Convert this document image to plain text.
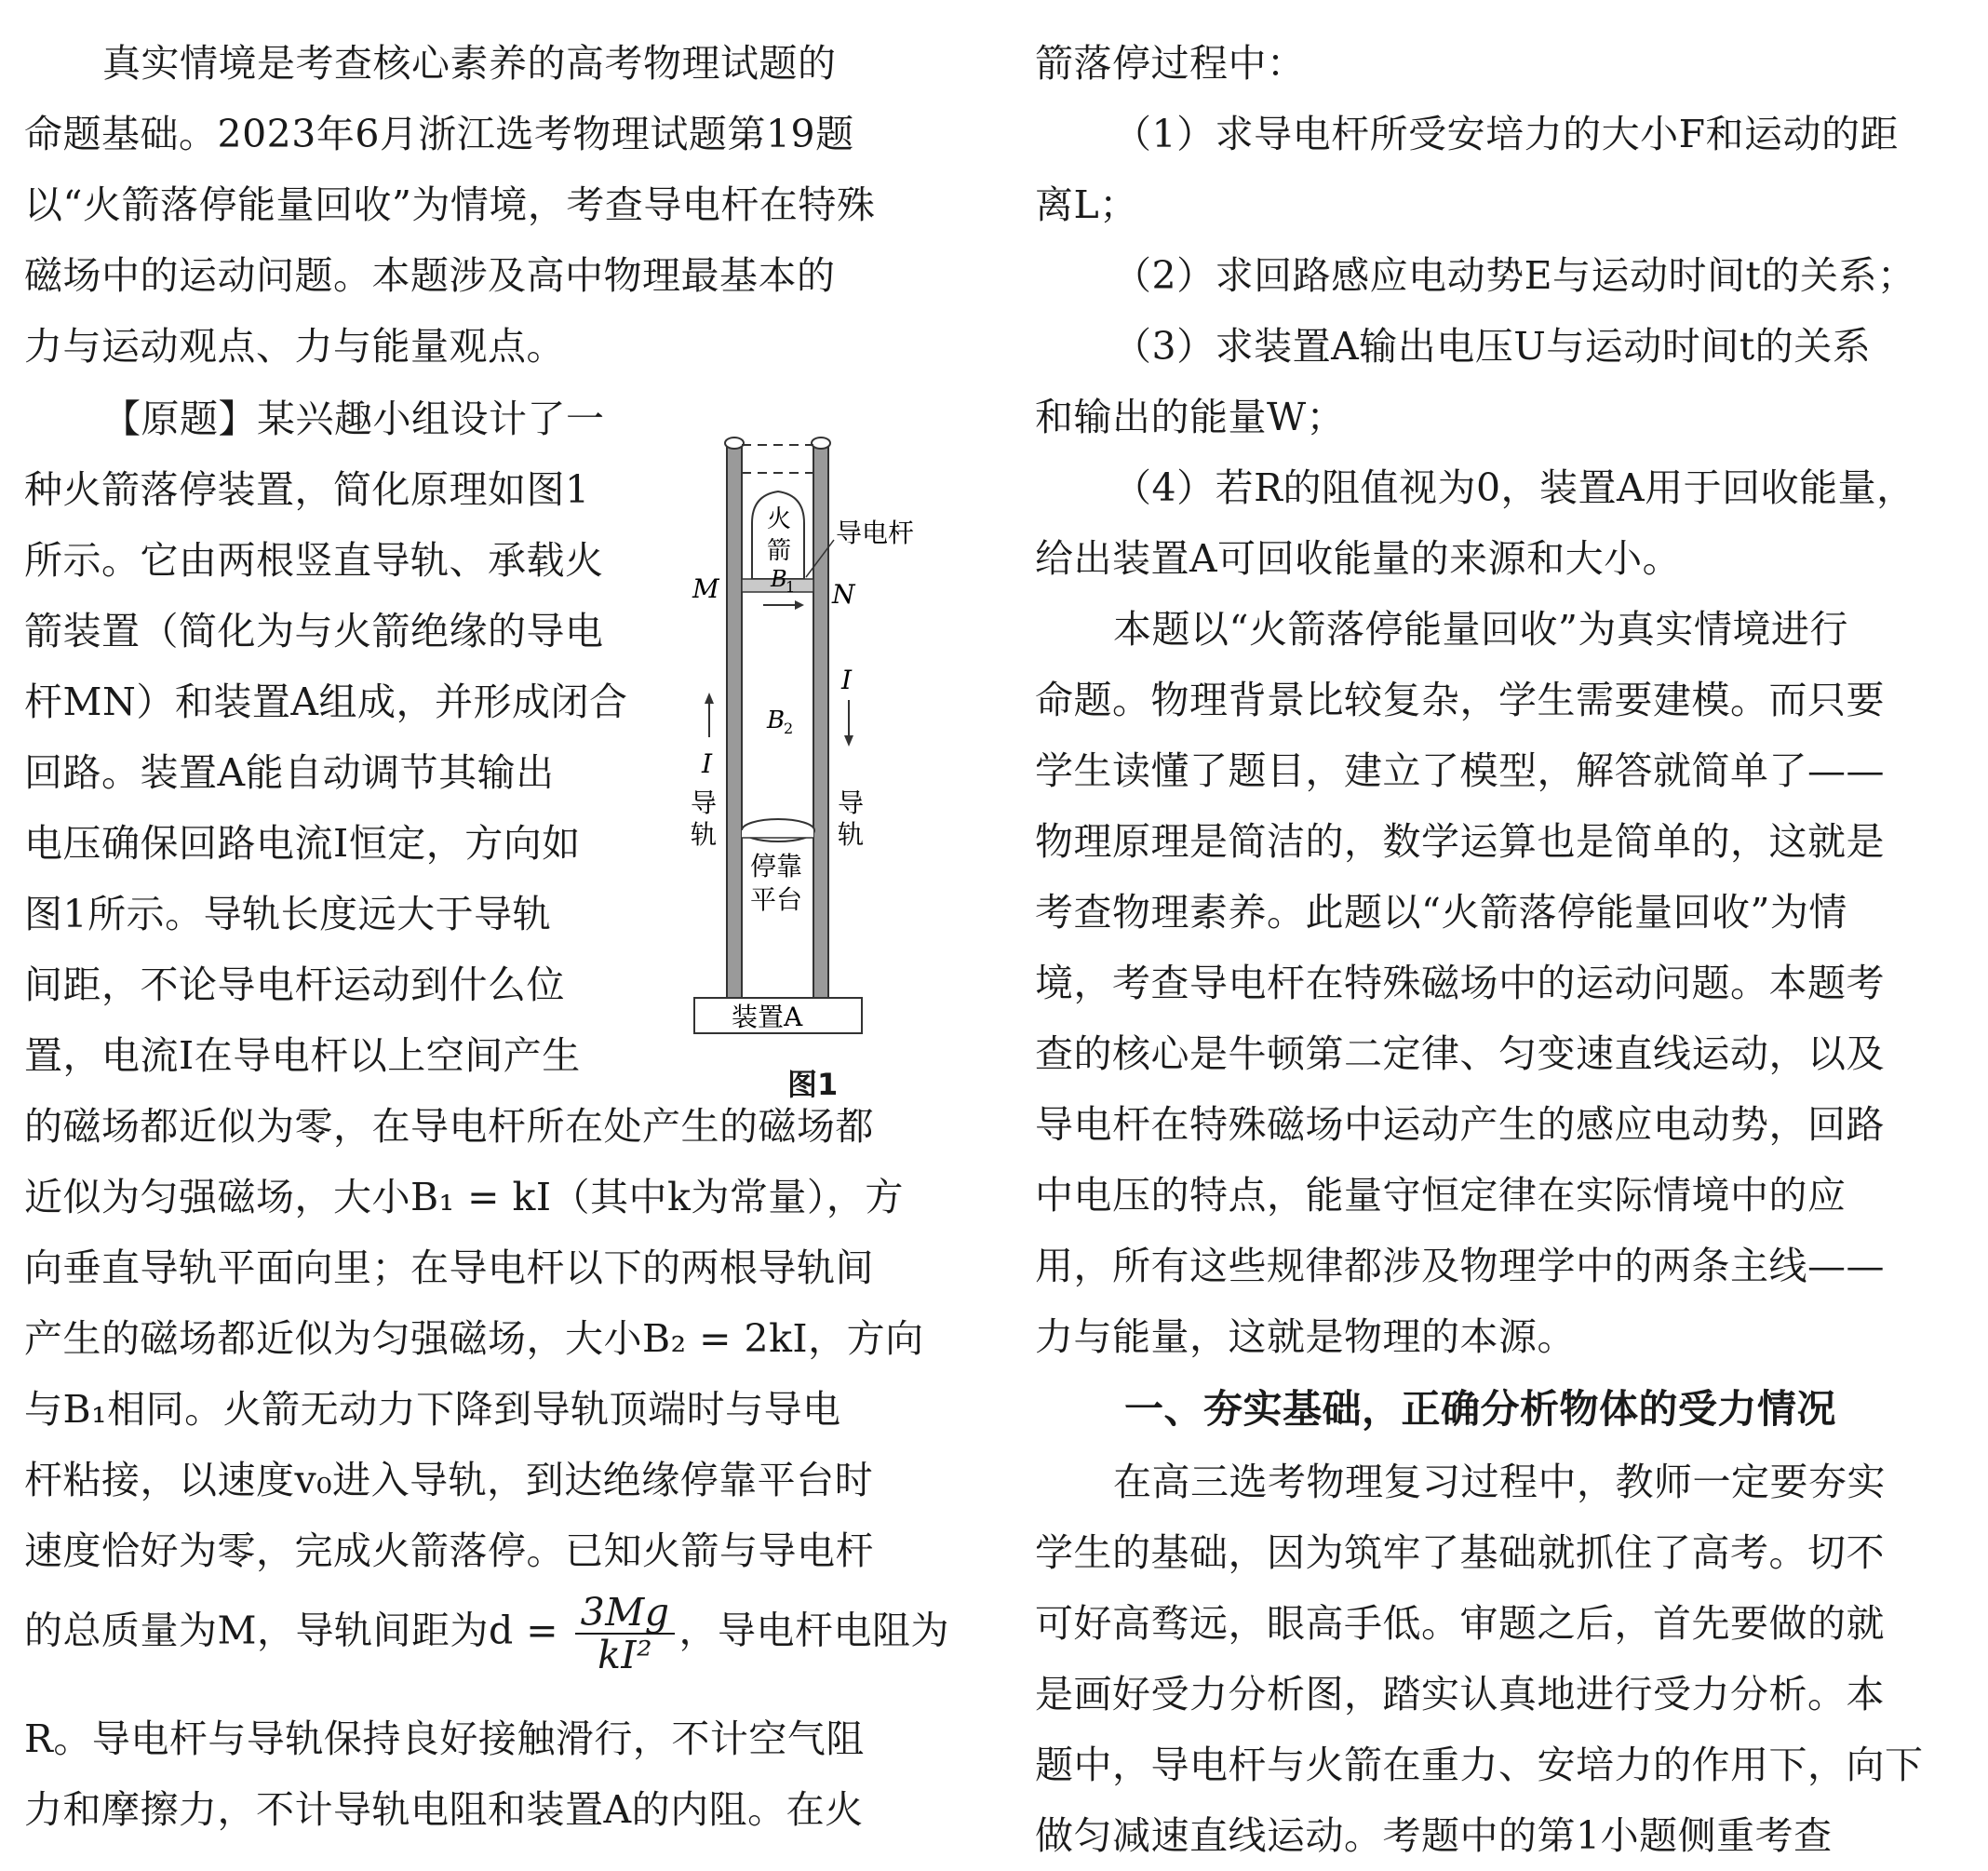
真实情境是考查核心素养的高考物理试题的
命题基础。2023年6月浙江选考物理试题第19题
以“火箭落停能量回收”为情境，考查导电杆在特殊
磁场中的运动问题。本题涉及高中物理最基本的
力与运动观点、力与能量观点。
【原题】某兴趣小组设计了一
种火箭落停装置，简化原理如图1
所示。它由两根竖直导轨、承载火
箭装置（简化为与火箭绝缘的导电
杆MN）和装置A组成，并形成闭合
回路。装置A能自动调节其输出
电压确保回路电流I恒定，方向如
图1所示。导轨长度远大于导轨
间距，不论导电杆运动到什么位
置，电流I在导电杆以上空间产生
的磁场都近似为零，在导电杆所在处产生的磁场都
近似为匀强磁场，大小B₁ = kI（其中k为常量），方
向垂直导轨平面向里；在导电杆以下的两根导轨间
产生的磁场都近似为匀强磁场，大小B₂ = 2kI，方向
与B₁相同。火箭无动力下降到导轨顶端时与导电
杆粘接，以速度v₀进入导轨，到达绝缘停靠平台时
速度恰好为零，完成火箭落停。已知火箭与导电杆
的总质量为M，导轨间距为$d = \frac{3Mg}{\text{kI²}}$ ，导电杆电阻为
R。导电杆与导轨保持良好接触滑行，不计空气阻
力和摩擦力，不计导轨电阻和装置A的内阻。在火
火
箭
导电杆
M	N
B
1
B
2
I
I
导
轨
导
轨
停靠
平台
装置A
图1
箭落停过程中：
（1）求导电杆所受安培力的大小F和运动的距
离L；
（2）求回路感应电动势E与运动时间t的关系；
（3）求装置A输出电压U与运动时间t的关系
和输出的能量W；
（4）若R的阻值视为0，装置A用于回收能量，
给出装置A可回收能量的来源和大小。
本题以“火箭落停能量回收”为真实情境进行
命题。物理背景比较复杂，学生需要建模。而只要
学生读懂了题目，建立了模型，解答就简单了——
物理原理是简洁的，数学运算也是简单的，这就是
考查物理素养。此题以“火箭落停能量回收”为情
境，考查导电杆在特殊磁场中的运动问题。本题考
查的核心是牛顿第二定律、匀变速直线运动，以及
导电杆在特殊磁场中运动产生的感应电动势，回路
中电压的特点，能量守恒定律在实际情境中的应
用，所有这些规律都涉及物理学中的两条主线——
力与能量，这就是物理的本源。
一、夯实基础，正确分析物体的受力情况
在高三选考物理复习过程中，教师一定要夯实
学生的基础，因为筑牢了基础就抓住了高考。切不
可好高骛远，眼高手低。审题之后，首先要做的就
是画好受力分析图，踏实认真地进行受力分析。本
题中，导电杆与火箭在重力、安培力的作用下，向下
做匀减速直线运动。考题中的第1小题侧重考查
